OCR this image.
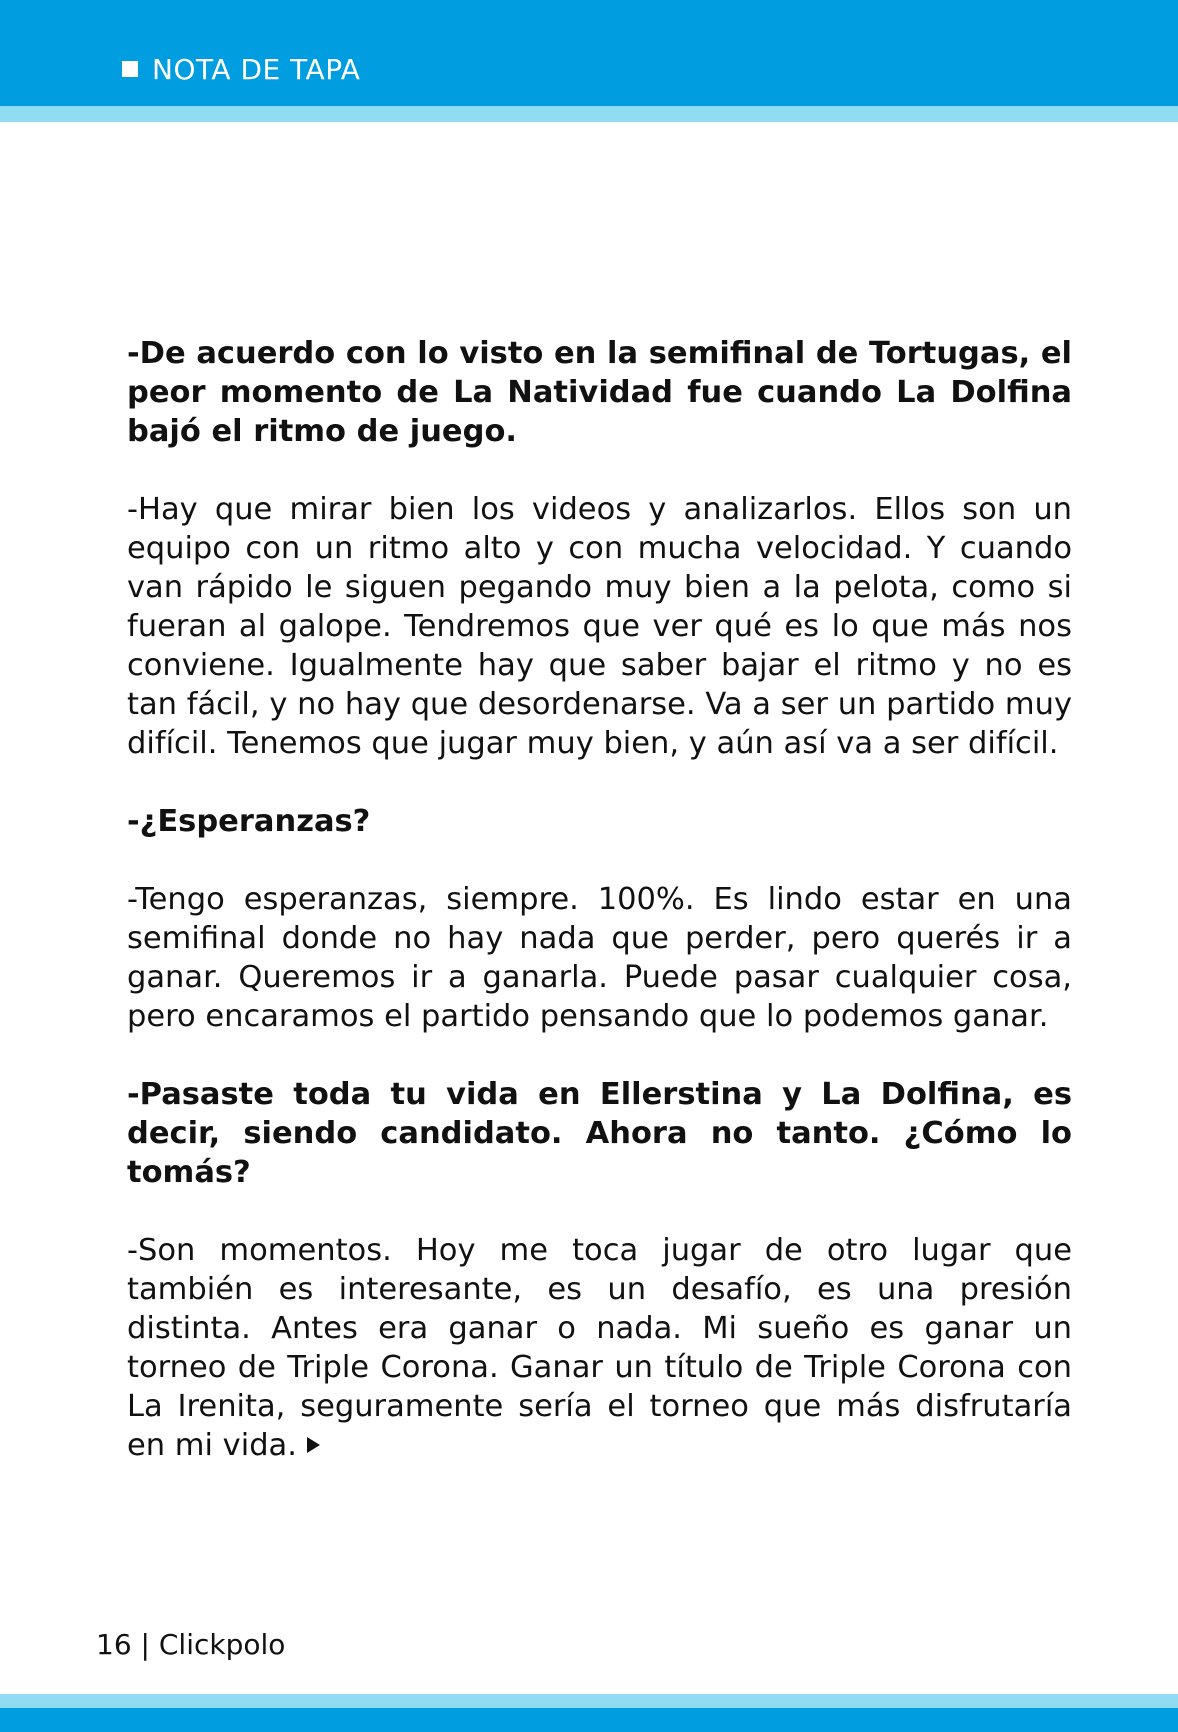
NOTA DE TAPA

-De acuerdo con lo visto en la semifinal de Tortugas, el peor momento de La Natividad fue cuando La Dolfina bajó el ritmo de juego.

-Hay que mirar bien los videos y analizarlos. Ellos son un equipo con un ritmo alto y con mucha velocidad. Y cuando van rápido le siguen pegando muy bien a la pelota, como si fueran al galope. Tendremos que ver qué es lo que más nos conviene. Igualmente hay que saber bajar el ritmo y no es tan fácil, y no hay que desordenarse. Va a ser un partido muy difícil. Tenemos que jugar muy bien, y aún así va a ser difícil.

-¿Esperanzas?

-Tengo esperanzas, siempre. 100%. Es lindo estar en una semifinal donde no hay nada que perder, pero querés ir a ganar. Queremos ir a ganarla. Puede pasar cualquier cosa, pero encaramos el partido pensando que lo podemos ganar.

-Pasaste toda tu vida en Ellerstina y La Dolfina, es decir, siendo candidato. Ahora no tanto. ¿Cómo lo tomás?

-Son momentos. Hoy me toca jugar de otro lugar que también es interesante, es un desafío, es una presión distinta. Antes era ganar o nada. Mi sueño es ganar un torneo de Triple Corona. Ganar un título de Triple Corona con La Irenita, seguramente sería el torneo que más disfrutaría en mi vida.

16 | Clickpolo
